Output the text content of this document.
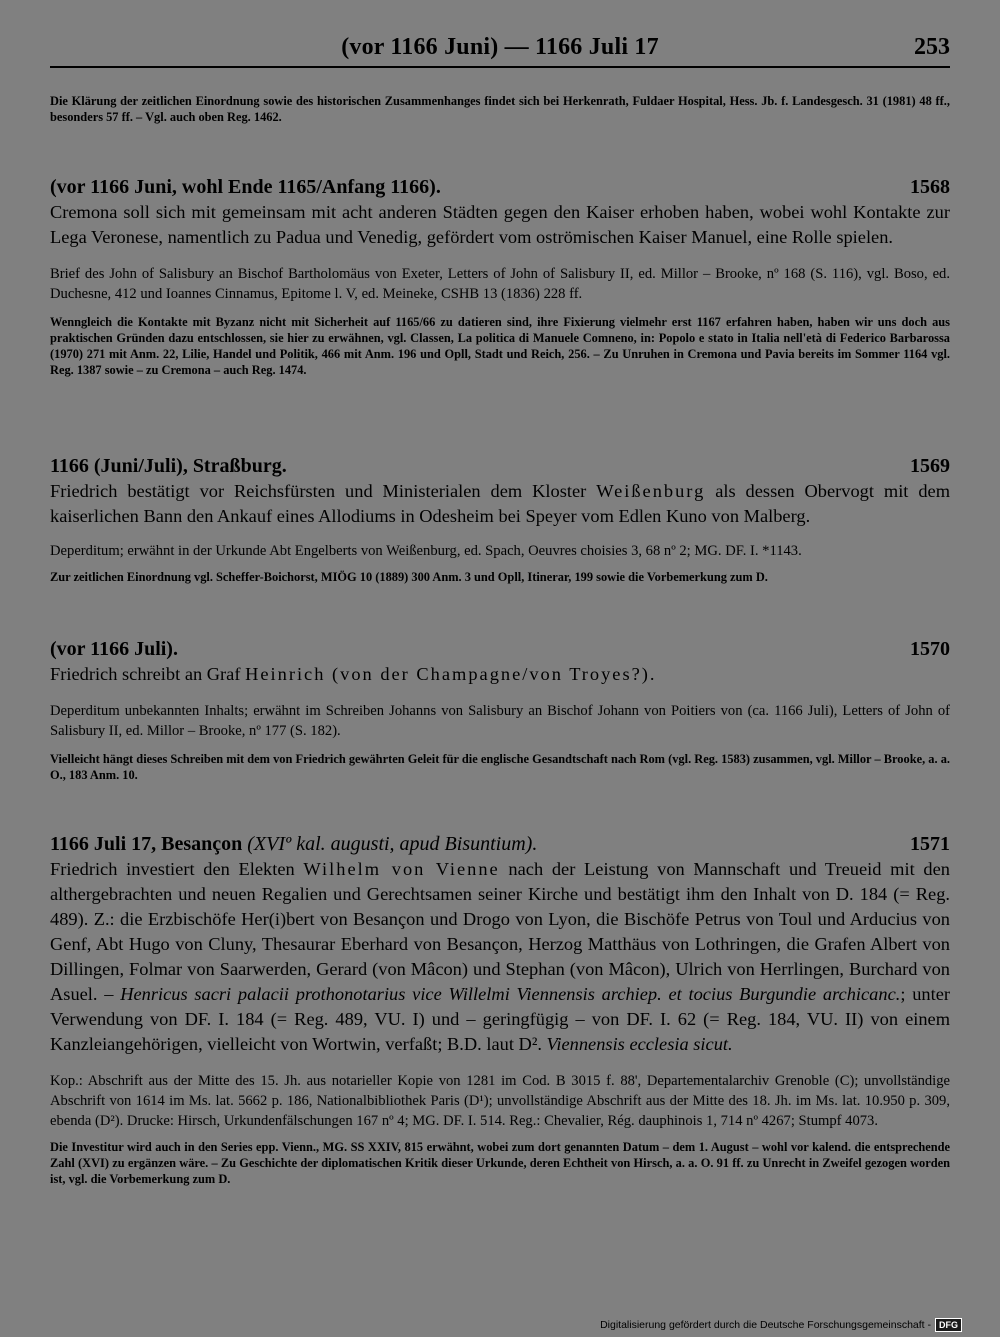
(vor 1166 Juni) — 1166 Juli 17	253

Die Klärung der zeitlichen Einordnung sowie des historischen Zusammenhanges findet sich bei Herkenrath, Fuldaer Hospital, Hess. Jb. f. Landesgesch. 31 (1981) 48 ff., besonders 57 ff. – Vgl. auch oben Reg. 1462.

(vor 1166 Juni, wohl Ende 1165/Anfang 1166).	1568

Cremona soll sich mit gemeinsam mit acht anderen Städten gegen den Kaiser erhoben haben, wobei wohl Kontakte zur Lega Veronese, namentlich zu Padua und Venedig, gefördert vom oströmischen Kaiser Manuel, eine Rolle spielen.

Brief des John of Salisbury an Bischof Bartholomäus von Exeter, Letters of John of Salisbury II, ed. Millor – Brooke, nº 168 (S. 116), vgl. Boso, ed. Duchesne, 412 und Ioannes Cinnamus, Epitome l. V, ed. Meineke, CSHB 13 (1836) 228 ff.

Wenngleich die Kontakte mit Byzanz nicht mit Sicherheit auf 1165/66 zu datieren sind, ihre Fixierung vielmehr erst 1167 erfahren haben, haben wir uns doch aus praktischen Gründen dazu entschlossen, sie hier zu erwähnen, vgl. Classen, La politica di Manuele Comneno, in: Popolo e stato in Italia nell'età di Federico Barbarossa (1970) 271 mit Anm. 22, Lilie, Handel und Politik, 466 mit Anm. 196 und Opll, Stadt und Reich, 256. – Zu Unruhen in Cremona und Pavia bereits im Sommer 1164 vgl. Reg. 1387 sowie – zu Cremona – auch Reg. 1474.

1166 (Juni/Juli), Straßburg.	1569

Friedrich bestätigt vor Reichsfürsten und Ministerialen dem Kloster Weißenburg als dessen Obervogt mit dem kaiserlichen Bann den Ankauf eines Allodiums in Odesheim bei Speyer vom Edlen Kuno von Malberg.

Deperditum; erwähnt in der Urkunde Abt Engelberts von Weißenburg, ed. Spach, Oeuvres choisies 3, 68 nº 2; MG. DF. I. *1143.

Zur zeitlichen Einordnung vgl. Scheffer-Boichorst, MIÖG 10 (1889) 300 Anm. 3 und Opll, Itinerar, 199 sowie die Vorbemerkung zum D.

(vor 1166 Juli).	1570

Friedrich schreibt an Graf Heinrich (von der Champagne/von Troyes?).

Deperditum unbekannten Inhalts; erwähnt im Schreiben Johanns von Salisbury an Bischof Johann von Poitiers von (ca. 1166 Juli), Letters of John of Salisbury II, ed. Millor – Brooke, nº 177 (S. 182).

Vielleicht hängt dieses Schreiben mit dem von Friedrich gewährten Geleit für die englische Gesandtschaft nach Rom (vgl. Reg. 1583) zusammen, vgl. Millor – Brooke, a. a. O., 183 Anm. 10.

1166 Juli 17, Besançon (XVIº kal. augusti, apud Bisuntium).	1571

Friedrich investiert den Elekten Wilhelm von Vienne nach der Leistung von Mannschaft und Treueid mit den althergebrachten und neuen Regalien und Gerechtsamen seiner Kirche und bestätigt ihm den Inhalt von D. 184 (= Reg. 489). Z.: die Erzbischöfe Her(i)bert von Besançon und Drogo von Lyon, die Bischöfe Petrus von Toul und Arducius von Genf, Abt Hugo von Cluny, Thesaurar Eberhard von Besançon, Herzog Matthäus von Lothringen, die Grafen Albert von Dillingen, Folmar von Saarwerden, Gerard (von Mâcon) und Stephan (von Mâcon), Ulrich von Herrlingen, Burchard von Asuel. – Henricus sacri palacii prothonotarius vice Willelmi Viennensis archiep. et tocius Burgundie archicanc.; unter Verwendung von DF. I. 184 (= Reg. 489, VU. I) und – geringfügig – von DF. I. 62 (= Reg. 184, VU. II) von einem Kanzleiangehörigen, vielleicht von Wortwin, verfaßt; B.D. laut D². Viennensis ecclesia sicut.

Kop.: Abschrift aus der Mitte des 15. Jh. aus notarieller Kopie von 1281 im Cod. B 3015 f. 88', Departementalarchiv Grenoble (C); unvollständige Abschrift von 1614 im Ms. lat. 5662 p. 186, Nationalbibliothek Paris (D¹); unvollständige Abschrift aus der Mitte des 18. Jh. im Ms. lat. 10.950 p. 309, ebenda (D²). Drucke: Hirsch, Urkundenfälschungen 167 nº 4; MG. DF. I. 514. Reg.: Chevalier, Rég. dauphinois 1, 714 nº 4267; Stumpf 4073.

Die Investitur wird auch in den Series epp. Vienn., MG. SS XXIV, 815 erwähnt, wobei zum dort genannten Datum – dem 1. August – wohl vor kalend. die entsprechende Zahl (XVI) zu ergänzen wäre. – Zu Geschichte der diplomatischen Kritik dieser Urkunde, deren Echtheit von Hirsch, a. a. O. 91 ff. zu Unrecht in Zweifel gezogen worden ist, vgl. die Vorbemerkung zum D.

Digitalisierung gefördert durch die Deutsche Forschungsgemeinschaft - DFG
